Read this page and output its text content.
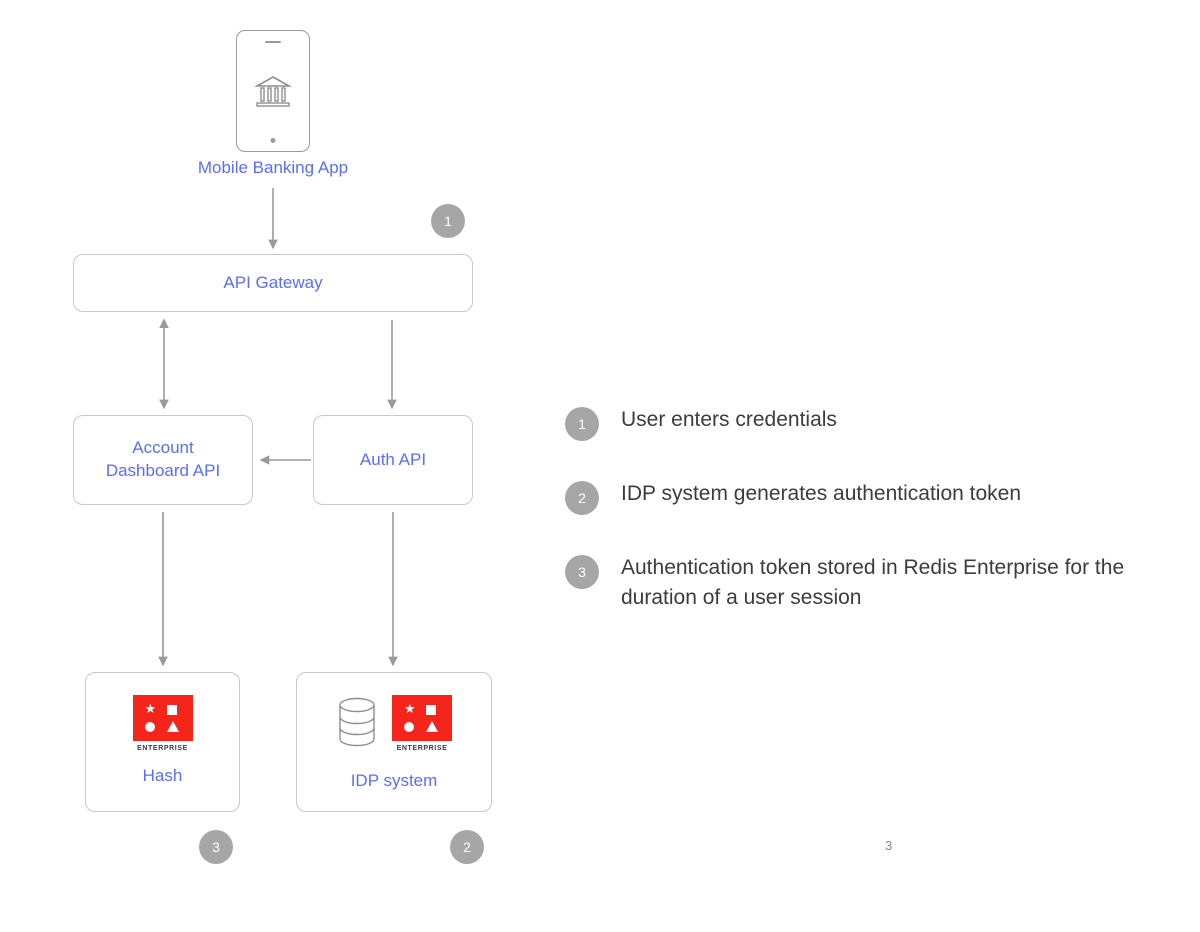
Mobile Banking App
API Gateway
Account
Dashboard API
Auth API
★
ENTERPRISE
Hash
★
ENTERPRISE
IDP system
1
3	2
1	User enters credentials
2	IDP system generates authentication token
3	Authentication token stored in Redis Enterprise for the duration of a user session
3
